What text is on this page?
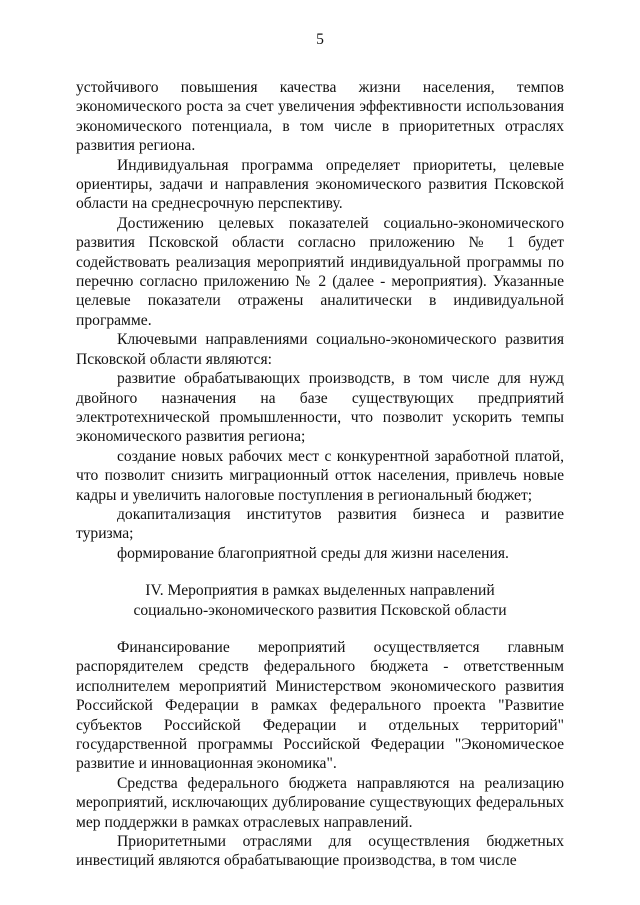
5

устойчивого повышения качества жизни населения, темпов экономического роста за счет увеличения эффективности использования экономического потенциала, в том числе в приоритетных отраслях развития региона.

Индивидуальная программа определяет приоритеты, целевые ориентиры, задачи и направления экономического развития Псковской области на среднесрочную перспективу.

Достижению целевых показателей социально-экономического развития Псковской области согласно приложению № 1 будет содействовать реализация мероприятий индивидуальной программы по перечню согласно приложению № 2 (далее - мероприятия). Указанные целевые показатели отражены аналитически в индивидуальной программе.

Ключевыми направлениями социально-экономического развития Псковской области являются:

развитие обрабатывающих производств, в том числе для нужд двойного назначения на базе существующих предприятий электротехнической промышленности, что позволит ускорить темпы экономического развития региона;

создание новых рабочих мест с конкурентной заработной платой, что позволит снизить миграционный отток населения, привлечь новые кадры и увеличить налоговые поступления в региональный бюджет;

докапитализация институтов развития бизнеса и развитие туризма;

формирование благоприятной среды для жизни населения.

IV. Мероприятия в рамках выделенных направлений
социально-экономического развития Псковской области

Финансирование мероприятий осуществляется главным распорядителем средств федерального бюджета - ответственным исполнителем мероприятий Министерством экономического развития Российской Федерации в рамках федерального проекта "Развитие субъектов Российской Федерации и отдельных территорий" государственной программы Российской Федерации "Экономическое развитие и инновационная экономика".

Средства федерального бюджета направляются на реализацию мероприятий, исключающих дублирование существующих федеральных мер поддержки в рамках отраслевых направлений.

Приоритетными отраслями для осуществления бюджетных инвестиций являются обрабатывающие производства, в том числе
